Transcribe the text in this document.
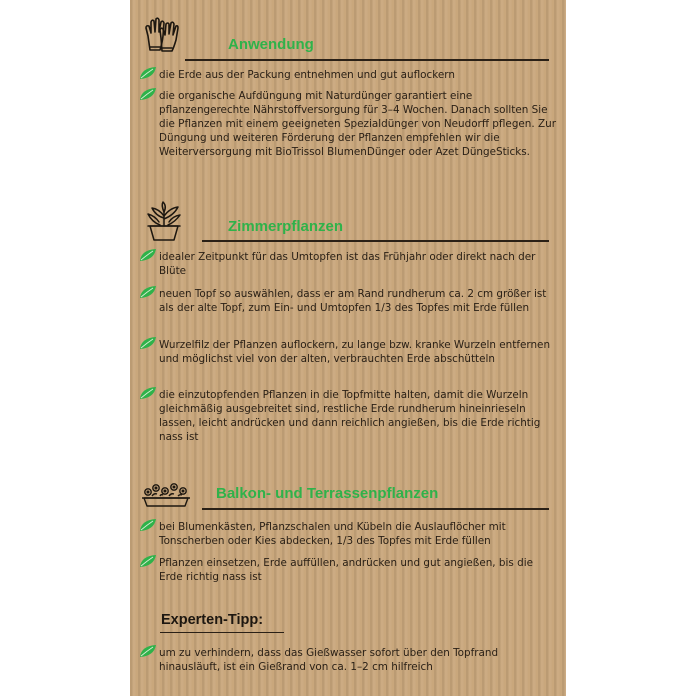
Anwendung
die Erde aus der Packung entnehmen und gut auflockern
die organische Aufdüngung mit Naturdünger garantiert eine pflanzengerechte Nährstoffversorgung für 3–4 Wochen. Danach sollten Sie die Pflanzen mit einem geeigneten Spezialdünger von Neudorff pflegen. Zur Düngung und weiteren Förderung der Pflanzen empfehlen wir die Weiterversorgung mit BioTrissol BlumenDünger oder Azet DüngeSticks.
Zimmerpflanzen
idealer Zeitpunkt für das Umtopfen ist das Frühjahr oder direkt nach der Blüte
neuen Topf so auswählen, dass er am Rand rundherum ca. 2 cm größer ist als der alte Topf, zum Ein- und Umtopfen 1/3 des Topfes mit Erde füllen
Wurzelfilz der Pflanzen auflockern, zu lange bzw. kranke Wurzeln entfernen und möglichst viel von der alten, verbrauchten Erde abschütteln
die einzutopfenden Pflanzen in die Topfmitte halten, damit die Wurzeln gleichmäßig ausgebreitet sind, restliche Erde rundherum hineinrieseln lassen, leicht andrücken und dann reichlich angießen, bis die Erde richtig nass ist
Balkon- und Terrassenpflanzen
bei Blumenkästen, Pflanzschalen und Kübeln die Auslauflöcher mit Tonscherben oder Kies abdecken, 1/3 des Topfes mit Erde füllen
Pflanzen einsetzen, Erde auffüllen, andrücken und gut angießen, bis die Erde richtig nass ist
Experten-Tipp:
um zu verhindern, dass das Gießwasser sofort über den Topfrand hinausläuft, ist ein Gießrand von ca. 1–2 cm hilfreich
